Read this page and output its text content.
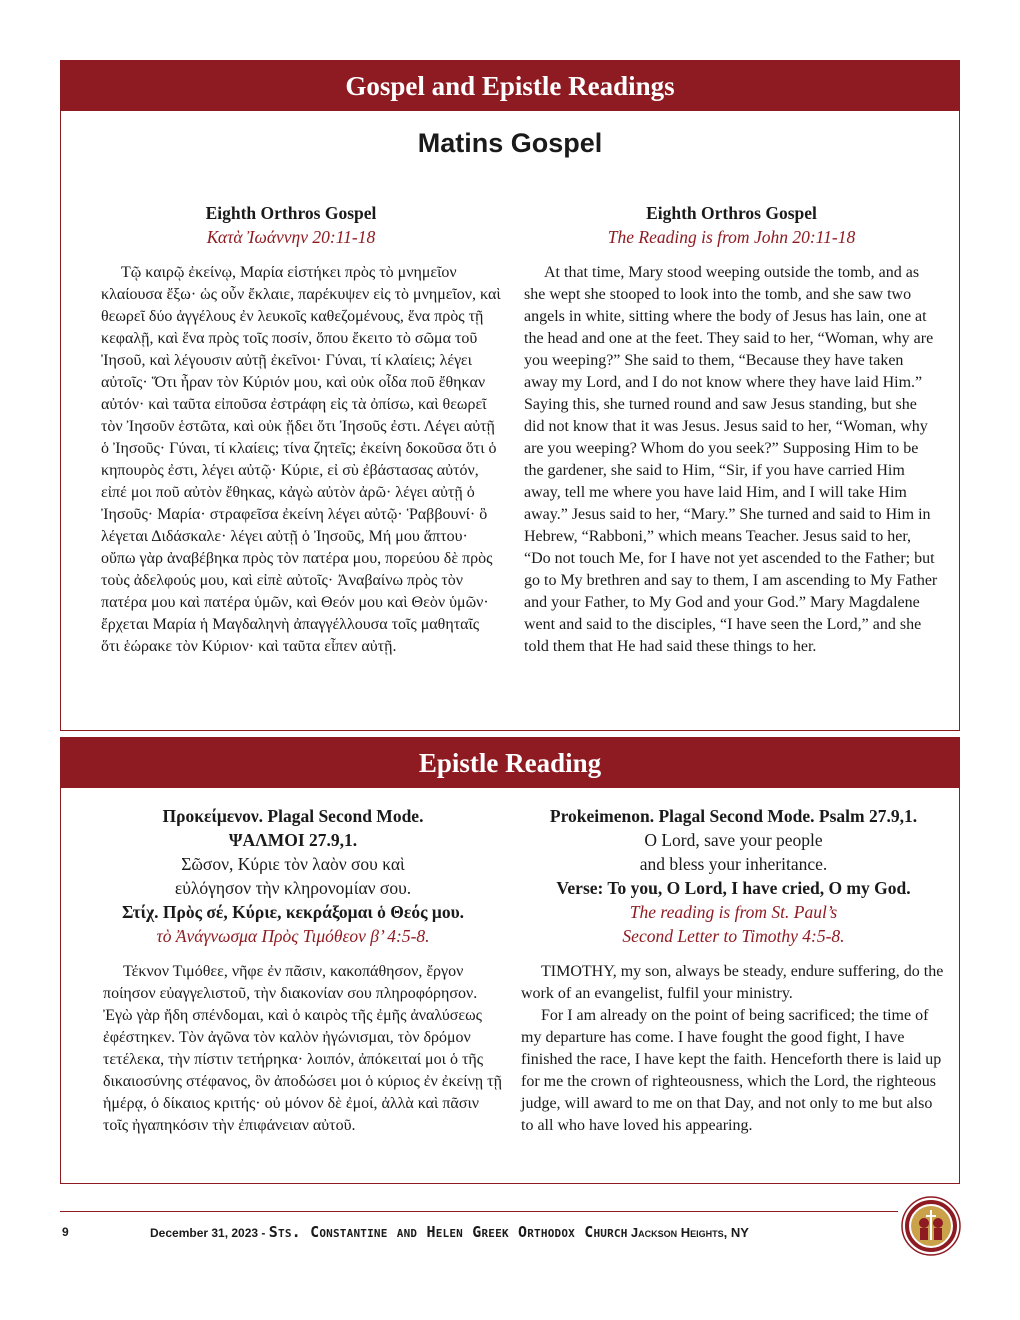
Gospel and Epistle Readings
Matins Gospel
Eighth Orthros Gospel
Κατὰ Ἰωάννην 20:11-18

Τῷ καιρῷ ἐκείνῳ, Μαρία εἱστήκει πρὸς τὸ μνημεῖον κλαίουσα ἔξω· ὡς οὖν ἔκλαιε, παρέκυψεν εἰς τὸ μνημεῖον, καὶ θεωρεῖ δύο ἀγγέλους ἐν λευκοῖς καθεζομένους, ἕνα πρὸς τῇ κεφαλῇ, καὶ ἕνα πρὸς τοῖς ποσίν, ὅπου ἔκειτο τὸ σῶμα τοῦ Ἰησοῦ, καὶ λέγουσιν αὐτῇ ἐκεῖνοι· Γύναι, τί κλαίεις; λέγει αὐτοῖς· Ὅτι ἦραν τὸν Κύριόν μου, καὶ οὐκ οἶδα ποῦ ἔθηκαν αὐτόν· καὶ ταῦτα εἰποῦσα ἐστράφη εἰς τὰ ὀπίσω, καὶ θεωρεῖ τὸν Ἰησοῦν ἑστῶτα, καὶ οὐκ ᾔδει ὅτι Ἰησοῦς ἐστι. Λέγει αὐτῇ ὁ Ἰησοῦς· Γύναι, τί κλαίεις; τίνα ζητεῖς; ἐκείνη δοκοῦσα ὅτι ὁ κηπουρὸς ἐστι, λέγει αὐτῷ· Κύριε, εἰ σὺ ἐβάστασας αὐτόν, εἰπέ μοι ποῦ αὐτὸν ἔθηκας, κἀγὼ αὐτὸν ἀρῶ· λέγει αὐτῇ ὁ Ἰησοῦς· Μαρία· στραφεῖσα ἐκείνη λέγει αὐτῷ· Ῥαββουνί· ὃ λέγεται Διδάσκαλε· λέγει αὐτῇ ὁ Ἰησοῦς, Μή μου ἅπτου· οὔπω γὰρ ἀναβέβηκα πρὸς τὸν πατέρα μου, πορεύου δὲ πρὸς τοὺς ἀδελφούς μου, καὶ εἰπὲ αὐτοῖς· Ἀναβαίνω πρὸς τὸν πατέρα μου καὶ πατέρα ὑμῶν, καὶ Θεόν μου καὶ Θεὸν ὑμῶν· ἔρχεται Μαρία ἡ Μαγδαληνὴ ἀπαγγέλλουσα τοῖς μαθηταῖς ὅτι ἑώρακε τὸν Κύριον· καὶ ταῦτα εἶπεν αὐτῇ.

Eighth Orthros Gospel
The Reading is from John 20:11-18

At that time, Mary stood weeping outside the tomb, and as she wept she stooped to look into the tomb, and she saw two angels in white, sitting where the body of Jesus has lain, one at the head and one at the feet. They said to her, “Woman, why are you weeping?” She said to them, “Because they have taken away my Lord, and I do not know where they have laid Him.” Saying this, she turned round and saw Jesus standing, but she did not know that it was Jesus. Jesus said to her, “Woman, why are you weeping? Whom do you seek?” Supposing Him to be the gardener, she said to Him, “Sir, if you have carried Him away, tell me where you have laid Him, and I will take Him away.” Jesus said to her, “Mary.” She turned and said to Him in Hebrew, “Rabboni,” which means Teacher. Jesus said to her, “Do not touch Me, for I have not yet ascended to the Father; but go to My brethren and say to them, I am ascending to My Father and your Father, to My God and your God.” Mary Magdalene went and said to the disciples, “I have seen the Lord,” and she told them that He had said these things to her.

Epistle Reading
Προκείμενον. Plagal Second Mode.
ΨΑΛΜΟΙ 27.9,1.
Σῶσον, Κύριε τὸν λαὸν σου καὶ
εὐλόγησον τὴν κληρονομίαν σου.
Στίχ. Πρὸς σέ, Κύριε, κεκράξομαι ὁ Θεός μου.
τὸ Ἀνάγνωσμα Πρὸς Τιμόθεον β’ 4:5-8.

Τέκνον Τιμόθεε, νῆφε ἐν πᾶσιν, κακοπάθησον, ἔργον ποίησον εὐαγγελιστοῦ, τὴν διακονίαν σου πληροφόρησον. Ἐγὼ γὰρ ἤδη σπένδομαι, καὶ ὁ καιρὸς τῆς ἐμῆς ἀναλύσεως ἐφέστηκεν. Τὸν ἀγῶνα τὸν καλὸν ἠγώνισμαι, τὸν δρόμον τετέλεκα, τὴν πίστιν τετήρηκα· λοιπόν, ἀπόκειταί μοι ὁ τῆς δικαιοσύνης στέφανος, ὃν ἀποδώσει μοι ὁ κύριος ἐν ἐκείνῃ τῇ ἡμέρᾳ, ὁ δίκαιος κριτής· οὐ μόνον δὲ ἐμοί, ἀλλὰ καὶ πᾶσιν τοῖς ἠγαπηκόσιν τὴν ἐπιφάνειαν αὐτοῦ.

Prokeimenon. Plagal Second Mode. Psalm 27.9,1.
O Lord, save your people
and bless your inheritance.
Verse: To you, O Lord, I have cried, O my God.
The reading is from St. Paul’s
Second Letter to Timothy 4:5-8.

TIMOTHY, my son, always be steady, endure suffering, do the work of an evangelist, fulfil your ministry.

For I am already on the point of being sacrificed; the time of my departure has come. I have fought the good fight, I have finished the race, I have kept the faith. Henceforth there is laid up for me the crown of righteousness, which the Lord, the righteous judge, will award to me on that Day, and not only to me but also to all who have loved his appearing.

9	December 31, 2023 - Sts. Constantine and Helen Greek Orthodox Church Jackson Heights, NY
